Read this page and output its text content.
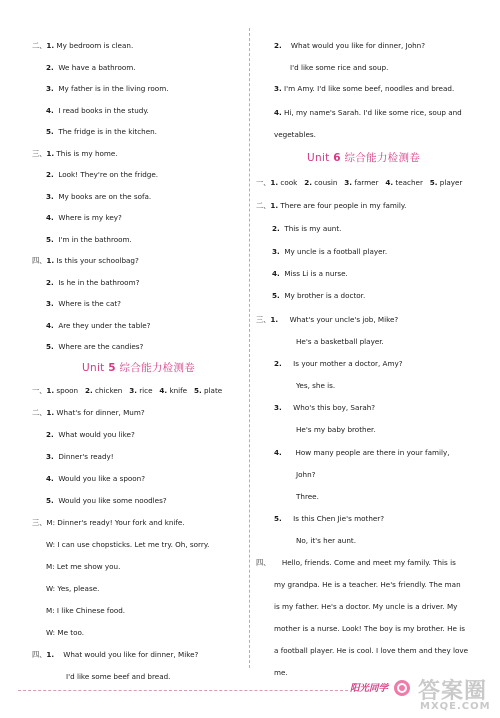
二、1. My bedroom is clean.
2. We have a bathroom.
3. My father is in the living room.
4. I read books in the study.
5. The fridge is in the kitchen.
三、1. This is my home.
2. Look! They're on the fridge.
3. My books are on the sofa.
4. Where is my key?
5. I'm in the bathroom.
四、1. Is this your schoolbag?
2. Is he in the bathroom?
3. Where is the cat?
4. Are they under the table?
5. Where are the candies?
Unit 5 综合能力检测卷
一、1. spoon 2. chicken 3. rice 4. knife 5. plate
二、1. What's for dinner, Mum?
2. What would you like?
3. Dinner's ready!
4. Would you like a spoon?
5. Would you like some noodles?
三、M: Dinner's ready! Your fork and knife.
W: I can use chopsticks. Let me try. Oh, sorry.
M: Let me show you.
W: Yes, please.
M: I like Chinese food.
W: Me too.
四、1. What would you like for dinner, Mike?
I'd like some beef and bread.
2. What would you like for dinner, John?
I'd like some rice and soup.
3. I'm Amy. I'd like some beef, noodles and bread.
4. Hi, my name's Sarah. I'd like some rice, soup and
vegetables.
Unit 6 综合能力检测卷
一、1. cook 2. cousin 3. farmer 4. teacher 5. player
二、1. There are four people in my family.
2. This is my aunt.
3. My uncle is a football player.
4. Miss Li is a nurse.
5. My brother is a doctor.
三、1. What's your uncle's job, Mike?
He's a basketball player.
2. Is your mother a doctor, Amy?
Yes, she is.
3. Who's this boy, Sarah?
He's my baby brother.
4. How many people are there in your family,
John?
Three.
5. Is this Chen Jie's mother?
No, it's her aunt.
四、 Hello, friends. Come and meet my family. This is
my grandpa. He is a teacher. He's friendly. The man
is my father. He's a doctor. My uncle is a driver. My
mother is a nurse. Look! The boy is my brother. He is
a football player. He is cool. I love them and they love
me.
阳光同学 答案圈
MXQE.COM
